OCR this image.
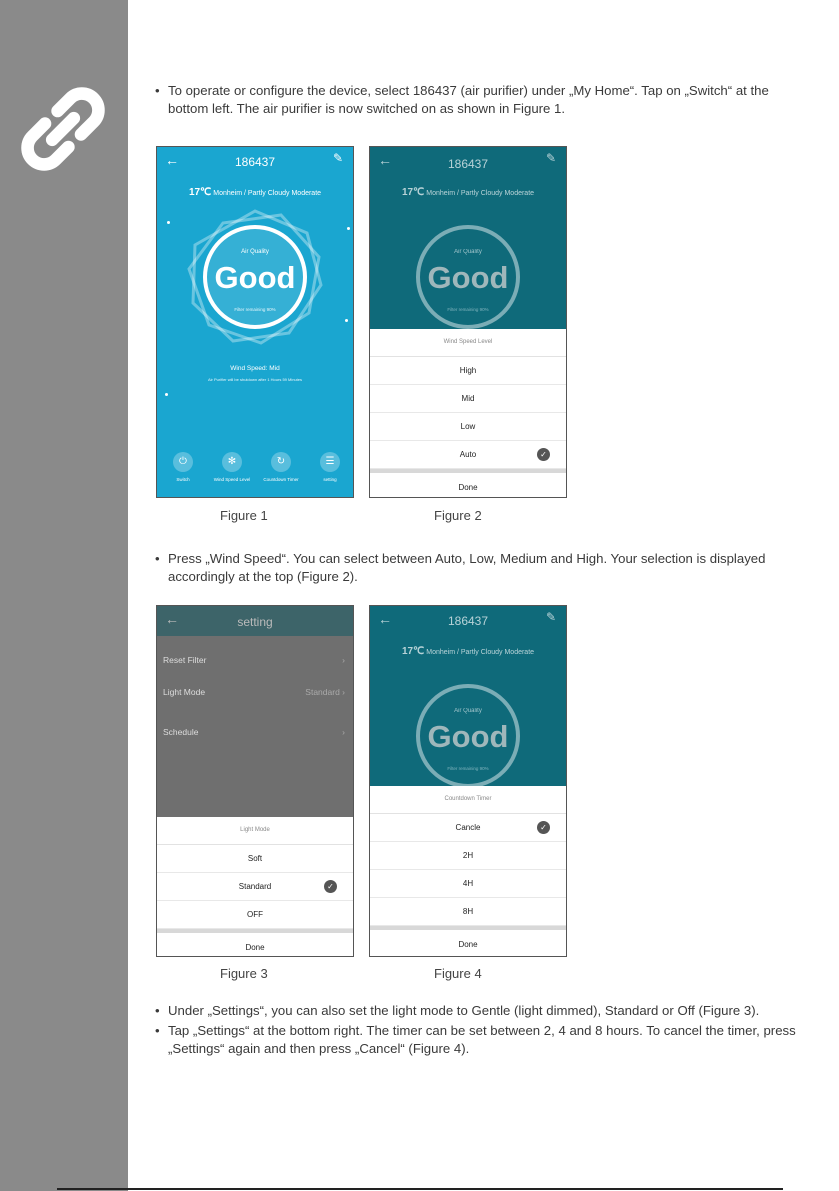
• To operate or configure the device, select 186437 (air purifier) under „My Home“. Tap on „Switch“ at the bottom left. The air purifier is now switched on as shown in Figure 1.
←	186437	✎
17℃ Monheim / Partly Cloudy Moderate
Air Quality
Good
Filter remaining 90%
Wind Speed: Mid
Air Purifier will be shutdown after 1 Hours 59 Minutes
⏻
Switch
✻
Wind Speed Level
↻
Countdown Timer
☰
setting
←	186437	✎
17℃ Monheim / Partly Cloudy Moderate
Air Quality
Good
Filter remaining 90%
Wind Speed Level
High
Mid
Low
Auto	✓
Done
Figure 1	Figure 2
• Press „Wind Speed“. You can select between Auto, Low, Medium and High. Your selection is displayed accordingly at the top (Figure 2).
←	setting
Reset Filter	›
Light Mode	Standard ›
Schedule	›
Light Mode
Soft
Standard	✓
OFF
Done
←	186437	✎
17℃ Monheim / Partly Cloudy Moderate
Air Quality
Good
Filter remaining 90%
Countdown Timer
Cancle	✓
2H
4H
8H
Done
Figure 3	Figure 4
• Under „Settings“, you can also set the light mode to Gentle (light dimmed), Standard or Off (Figure 3).
• Tap „Settings“ at the bottom right. The timer can be set between 2, 4 and 8 hours. To cancel the timer, press „Settings“ again and then press „Cancel“ (Figure 4).
